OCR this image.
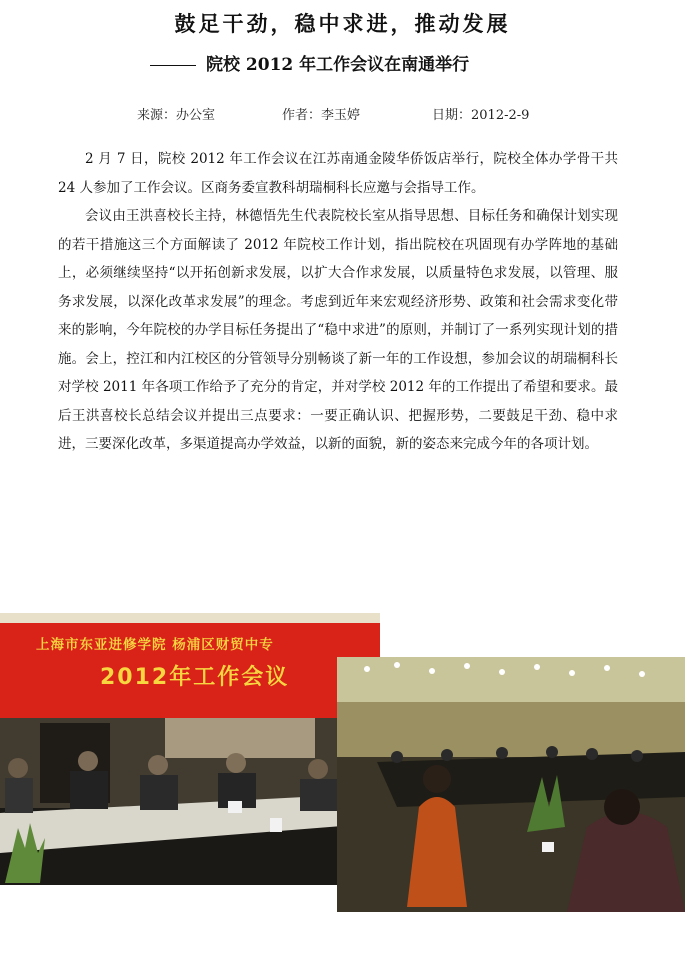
鼓足干劲，稳中求进，推动发展
院校 2012 年工作会议在南通举行
来源：办公室	作者：李玉婷	日期：2012-2-9

2 月 7 日，院校 2012 年工作会议在江苏南通金陵华侨饭店举行，院校全体办学骨干共 24 人参加了工作会议。区商务委宣教科胡瑞桐科长应邀与会指导工作。

会议由王洪喜校长主持，林德悟先生代表院校长室从指导思想、目标任务和确保计划实现的若干措施这三个方面解读了 2012 年院校工作计划，指出院校在巩固现有办学阵地的基础上，必须继续坚持“以开拓创新求发展，以扩大合作求发展，以质量特色求发展，以管理、服务求发展，以深化改革求发展”的理念。考虑到近年来宏观经济形势、政策和社会需求变化带来的影响，今年院校的办学目标任务提出了“稳中求进”的原则，并制订了一系列实现计划的措施。会上，控江和内江校区的分管领导分别畅谈了新一年的工作设想，参加会议的胡瑞桐科长对学校 2011 年各项工作给予了充分的肯定，并对学校 2012 年的工作提出了希望和要求。最后王洪喜校长总结会议并提出三点要求：一要正确认识、把握形势，二要鼓足干劲、稳中求进，三要深化改革，多渠道提高办学效益，以新的面貌，新的姿态来完成今年的各项计划。

上海市东亚进修学院 杨浦区财贸中专
2012年工作会议
